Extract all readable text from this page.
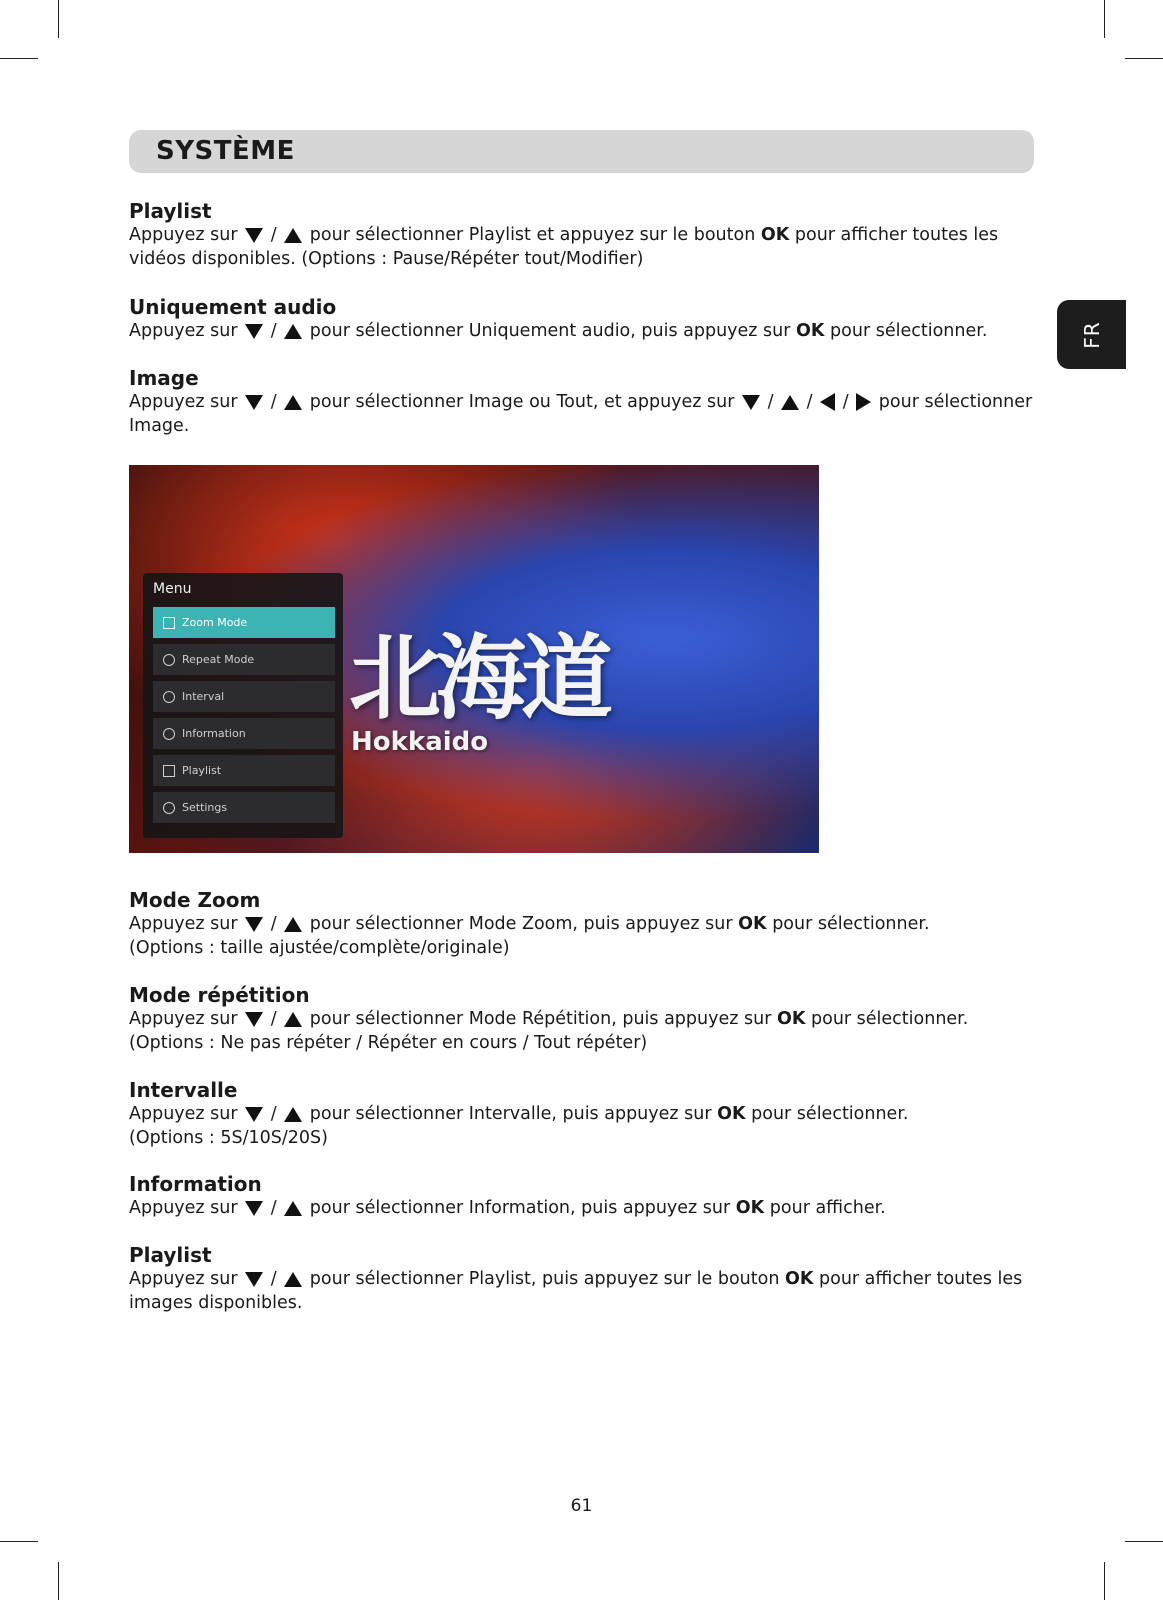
SYSTÈME
FR

Playlist

Appuyez sur / pour sélectionner Playlist et appuyez sur le bouton OK pour afficher toutes les vidéos disponibles. (Options : Pause/Répéter tout/Modifier)

Uniquement audio

Appuyez sur / pour sélectionner Uniquement audio, puis appuyez sur OK pour sélectionner.

Image

Appuyez sur / pour sélectionner Image ou Tout, et appuyez sur / / / pour sélectionner Image.

Menu
Zoom Mode
Repeat Mode
Interval
Information
Playlist
Settings
北海道
Hokkaido

Mode Zoom

Appuyez sur / pour sélectionner Mode Zoom, puis appuyez sur OK pour sélectionner.

(Options : taille ajustée/complète/originale)

Mode répétition

Appuyez sur / pour sélectionner Mode Répétition, puis appuyez sur OK pour sélectionner.

(Options : Ne pas répéter / Répéter en cours / Tout répéter)

Intervalle

Appuyez sur / pour sélectionner Intervalle, puis appuyez sur OK pour sélectionner.

(Options : 5S/10S/20S)

Information

Appuyez sur / pour sélectionner Information, puis appuyez sur OK pour afficher.

Playlist

Appuyez sur / pour sélectionner Playlist, puis appuyez sur le bouton OK pour afficher toutes les images disponibles.

61
